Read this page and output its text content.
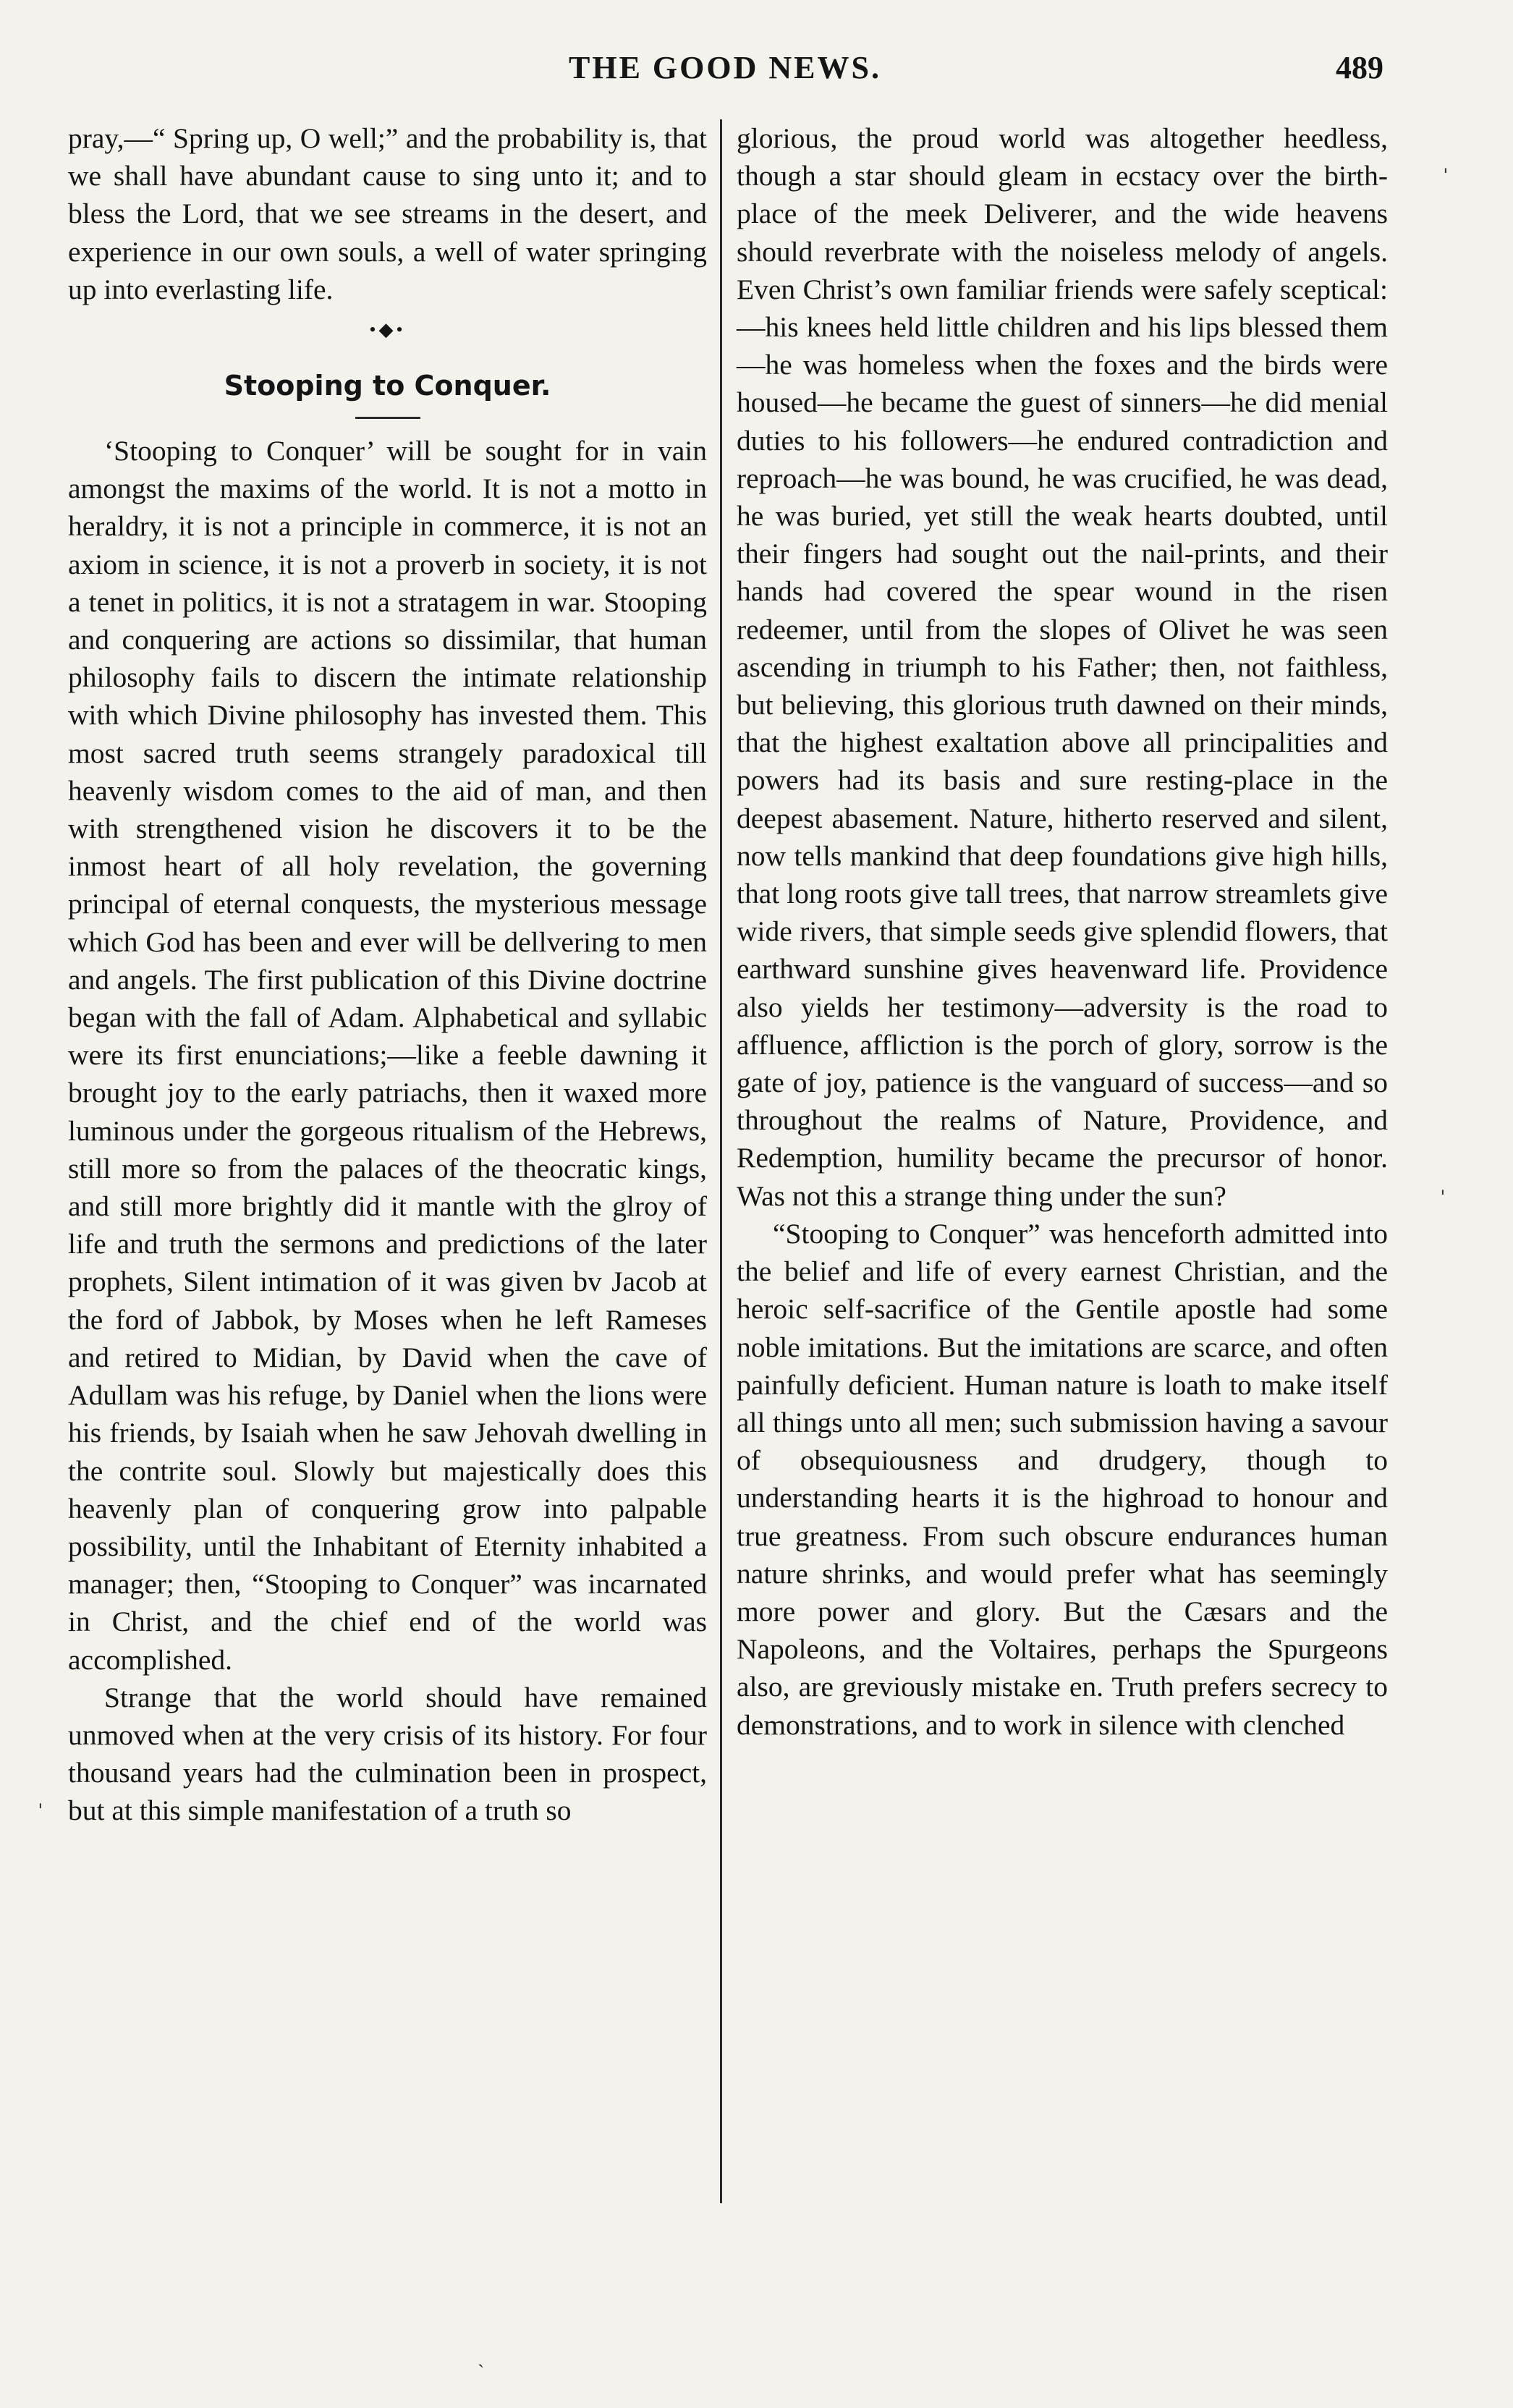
THE GOOD NEWS.	489

pray,—“ Spring up, O well;” and the probability is, that we shall have abundant cause to sing unto it; and to bless the Lord, that we see streams in the desert, and experience in our own souls, a well of water springing up into everlasting life.

•◆•
Stooping to Conquer.

‘Stooping to Conquer’ will be sought for in vain amongst the maxims of the world. It is not a motto in heraldry, it is not a principle in commerce, it is not an axiom in science, it is not a proverb in society, it is not a tenet in politics, it is not a stratagem in war. Stooping and conquering are actions so dissimilar, that human philosophy fails to discern the intimate relationship with which Divine philosophy has invested them. This most sacred truth seems strangely paradoxical till heavenly wisdom comes to the aid of man, and then with strengthened vision he discovers it to be the inmost heart of all holy revelation, the governing principal of eternal conquests, the mysterious message which God has been and ever will be dellvering to men and angels. The first publication of this Divine doctrine began with the fall of Adam. Alphabetical and syllabic were its first enunciations;—like a feeble dawning it brought joy to the early patriachs, then it waxed more luminous under the gorgeous ritualism of the Hebrews, still more so from the palaces of the theocratic kings, and still more brightly did it mantle with the glroy of life and truth the sermons and predictions of the later prophets, Silent intimation of it was given bv Jacob at the ford of Jabbok, by Moses when he left Rameses and retired to Midian, by David when the cave of Adullam was his refuge, by Daniel when the lions were his friends, by Isaiah when he saw Jehovah dwelling in the contrite soul. Slowly but majestically does this heavenly plan of conquering grow into palpable possibility, until the Inhabitant of Eternity inhabited a manager; then, “Stooping to Conquer” was incarnated in Christ, and the chief end of the world was accomplished.

Strange that the world should have remained unmoved when at the very crisis of its history. For four thousand years had the culmination been in prospect, but at this simple manifestation of a truth so

glorious, the proud world was altogether heedless, though a star should gleam in ecstacy over the birth-place of the meek Deliverer, and the wide heavens should reverbrate with the noiseless melody of angels. Even Christ’s own familiar friends were safely sceptical:—his knees held little children and his lips blessed them—he was homeless when the foxes and the birds were housed—he became the guest of sinners—he did menial duties to his followers—he endured contradiction and reproach—he was bound, he was crucified, he was dead, he was buried, yet still the weak hearts doubted, until their fingers had sought out the nail-prints, and their hands had covered the spear wound in the risen redeemer, until from the slopes of Olivet he was seen ascending in triumph to his Father; then, not faithless, but believing, this glorious truth dawned on their minds, that the highest exaltation above all principalities and powers had its basis and sure resting-place in the deepest abasement. Nature, hitherto reserved and silent, now tells mankind that deep foundations give high hills, that long roots give tall trees, that narrow streamlets give wide rivers, that simple seeds give splendid flowers, that earthward sunshine gives heavenward life. Providence also yields her testimony—adversity is the road to affluence, affliction is the porch of glory, sorrow is the gate of joy, patience is the vanguard of success—and so throughout the realms of Nature, Providence, and Redemption, humility became the precursor of honor. Was not this a strange thing under the sun?

“Stooping to Conquer” was henceforth admitted into the belief and life of every earnest Christian, and the heroic self-sacrifice of the Gentile apostle had some noble imitations. But the imitations are scarce, and often painfully deficient. Human nature is loath to make itself all things unto all men; such submission having a savour of obsequiousness and drudgery, though to understanding hearts it is the highroad to honour and true greatness. From such obscure endurances human nature shrinks, and would prefer what has seemingly more power and glory. But the Cæsars and the Napoleons, and the Voltaires, perhaps the Spurgeons also, are greviously mistake en. Truth prefers secrecy to demonstrations, and to work in silence with clenched

ˈ
ˈ
ˈ
ˎ
